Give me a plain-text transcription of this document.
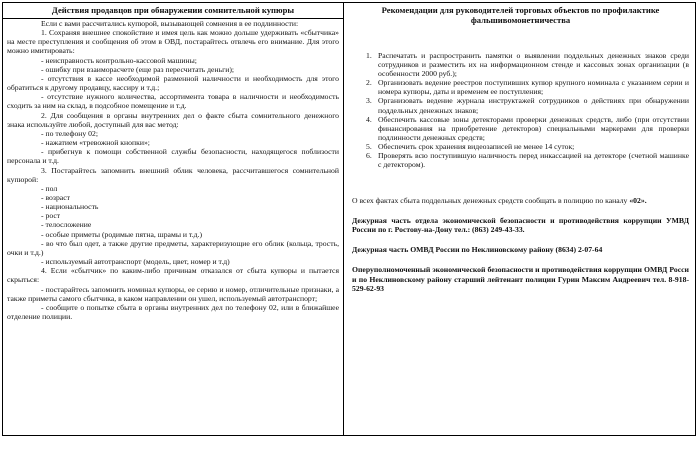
Действия продавцов при обнаружении сомнительной купюры

Если с вами рассчитались купюрой, вызывающей сомнения в ее подлинности:

1. Сохраняя внешнее спокойствие и имея цель как можно дольше удерживать «сбытчика» на месте преступления и сообщения об этом в ОВД, постарайтесь отвлечь его внимание. Для этого можно имитировать:

- неисправность контрольно-кассовой машины;

- ошибку при взаиморасчете (еще раз пересчитать деньги);

- отсутствия в кассе необходимой разменной наличности и необходимость для этого обратиться к другому продавцу, кассиру и т.д.;

- отсутствие нужного количества, ассортимента товара в наличности и необходимость сходить за ним на склад, в подсобное помещение и т.д.

2. Для сообщения в органы внутренних дел о факте сбыта сомнительного денежного знака используйте любой, доступный для вас метод:

- по телефону 02;

- нажатием «тревожной кнопки»;

- прибегнув к помощи собственной службы безопасности, находящегося поблизости персонала и т.д.

3. Постарайтесь запомнить внешний облик человека, рассчитавшегося сомнительной купюрой:

- пол

- возраст

- национальность

- рост

- телосложение

- особые приметы (родимые пятна, шрамы и т.д.)

- во что был одет, а также другие предметы, характеризующие его облик (кольца, трость, очки и т.д.)

- используемый автотранспорт (модель, цвет, номер и т.д)

4. Если «сбытчик» по каким-либо причинам отказался от сбыта купюры и пытается скрыться:

- постарайтесь запомнить номинал купюры, ее серию и номер, отличительные признаки, а также приметы самого сбытчика, в каком направлении он ушел, используемый автотранспорт;

- сообщите о попытке сбыта в органы внутренних дел по телефону 02, или в ближайшее отделение полиции.

Рекомендации для руководителей торговых объектов по профилактике фальшивомонетничества
1. Распечатать и распространить памятки о выявлении поддельных денежных знаков среди сотрудников и разместить их на информационном стенде и кассовых зонах организации (в особенности 2000 руб.);
2. Организовать ведение реестров поступивших купюр крупного номинала с указанием серии и номера купюры, даты и временем ее поступления;
3. Организовать ведение журнала инструктажей сотрудников о действиях при обнаружении поддельных денежных знаков;
4. Обеспечить кассовые зоны детекторами проверки денежных средств, либо (при отсутствии финансирования на приобретение детекторов) специальными маркерами для проверки подлинности денежных средств;
5. Обеспечить срок хранения видеозаписей не менее 14 суток;
6. Проверять всю поступившую наличность перед инкассацией на детекторе (счетной машинке с детектором).

О всех фактах сбыта поддельных денежных средств сообщать в полицию по каналу «02».

Дежурная часть отдела экономической безопасности и противодействия коррупции УМВД России по г. Ростову-на-Дону тел.: (863) 249-43-33.

Дежурная часть ОМВД России по Неклиновскому району (8634) 2-07-64

Оперуполномоченный экономической безопасности и противодействия коррупции ОМВД Росси и по Неклиновскому району старший лейтенант полиции Гурин Максим Андреевич тел. 8-918-529-62-93
